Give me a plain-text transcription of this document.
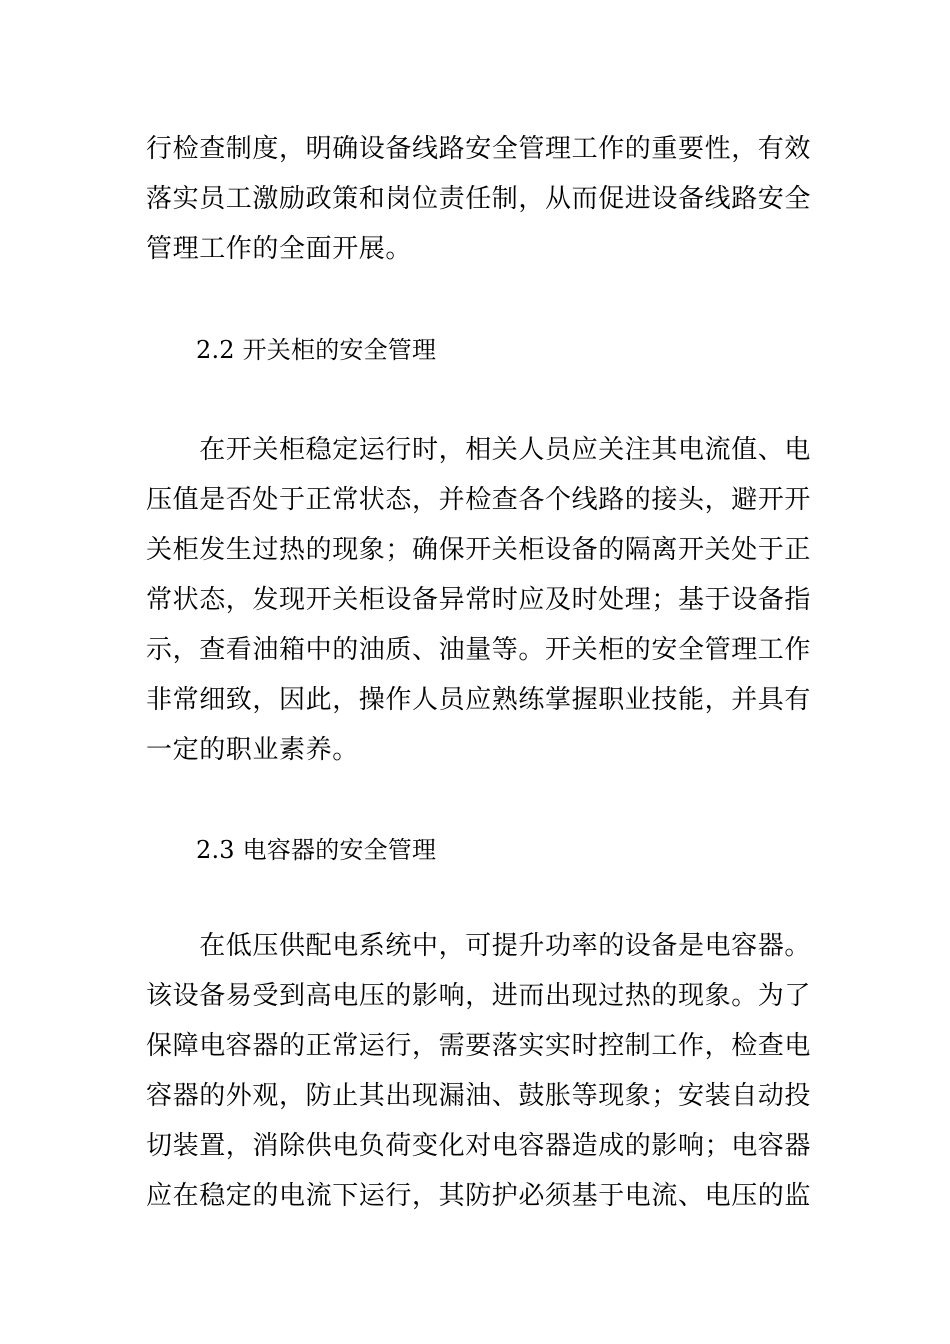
行检查制度，明确设备线路安全管理工作的重要性，有效
落实员工激励政策和岗位责任制，从而促进设备线路安全
管理工作的全面开展。
2.2 开关柜的安全管理
　　在开关柜稳定运行时，相关人员应关注其电流值、电
压值是否处于正常状态，并检查各个线路的接头，避开开
关柜发生过热的现象；确保开关柜设备的隔离开关处于正
常状态，发现开关柜设备异常时应及时处理；基于设备指
示，查看油箱中的油质、油量等。开关柜的安全管理工作
非常细致，因此，操作人员应熟练掌握职业技能，并具有
一定的职业素养。
2.3 电容器的安全管理
　　在低压供配电系统中，可提升功率的设备是电容器。
该设备易受到高电压的影响，进而出现过热的现象。为了
保障电容器的正常运行，需要落实实时控制工作，检查电
容器的外观，防止其出现漏油、鼓胀等现象；安装自动投
切装置，消除供电负荷变化对电容器造成的影响；电容器
应在稳定的电流下运行，其防护必须基于电流、电压的监
